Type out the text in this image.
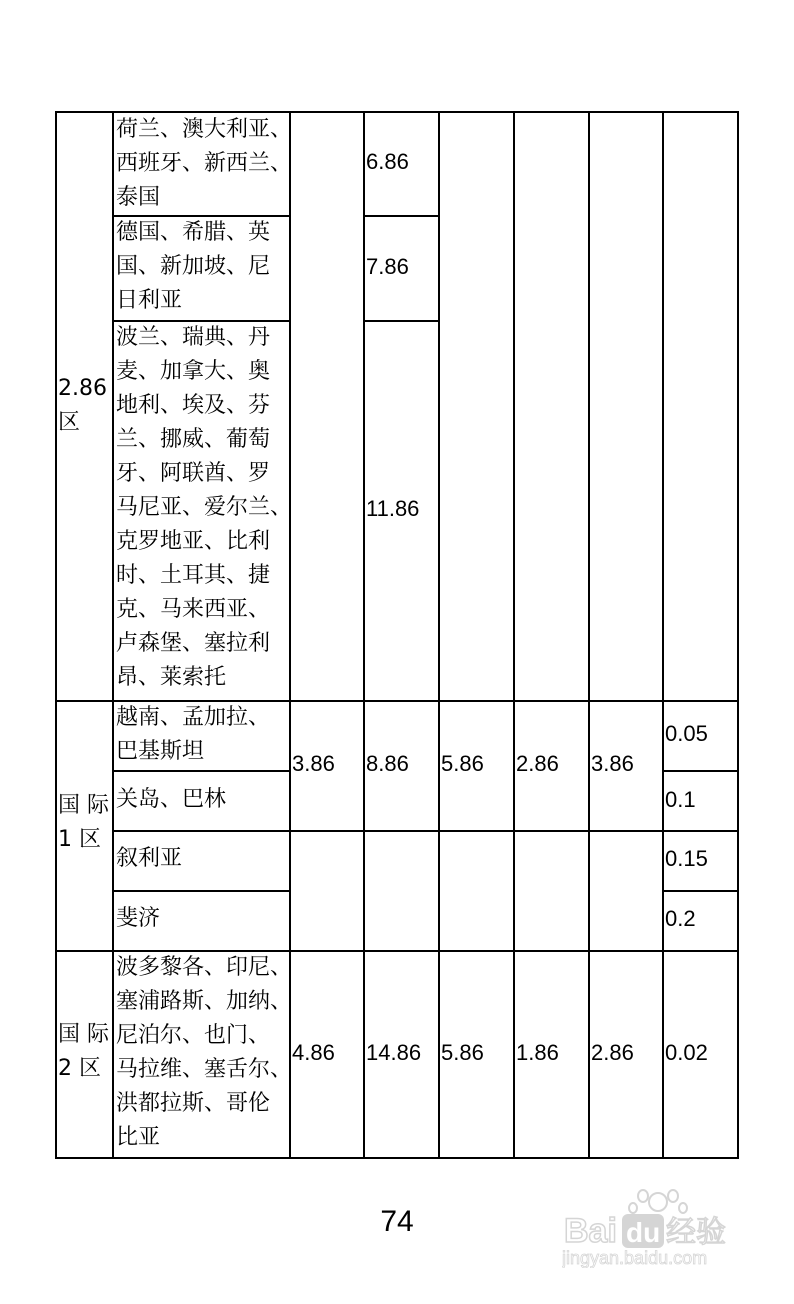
2.86
区
荷兰、澳大利亚、
西班牙、新西兰、
泰国
德国、希腊、英
国、新加坡、尼
日利亚
波兰、瑞典、丹
麦、加拿大、奥
地利、埃及、芬
兰、挪威、葡萄
牙、阿联酋、罗
马尼亚、爱尔兰、
克罗地亚、比利
时、土耳其、捷
克、马来西亚、
卢森堡、塞拉利
昂、莱索托
6.86
7.86
11.86
国 际
1 区
越南、孟加拉、
巴基斯坦
关岛、巴林
叙利亚
斐济
3.86 8.86 5.86 2.86 3.86
0.05
0.1
0.15
0.2
国 际
2 区
波多黎各、印尼、
塞浦路斯、加纳、
尼泊尔、也门、
马拉维、塞舌尔、
洪都拉斯、哥伦
比亚
4.86 14.86 5.86 1.86 2.86 0.02
74	Bai du 经验
jingyan.baidu.com
